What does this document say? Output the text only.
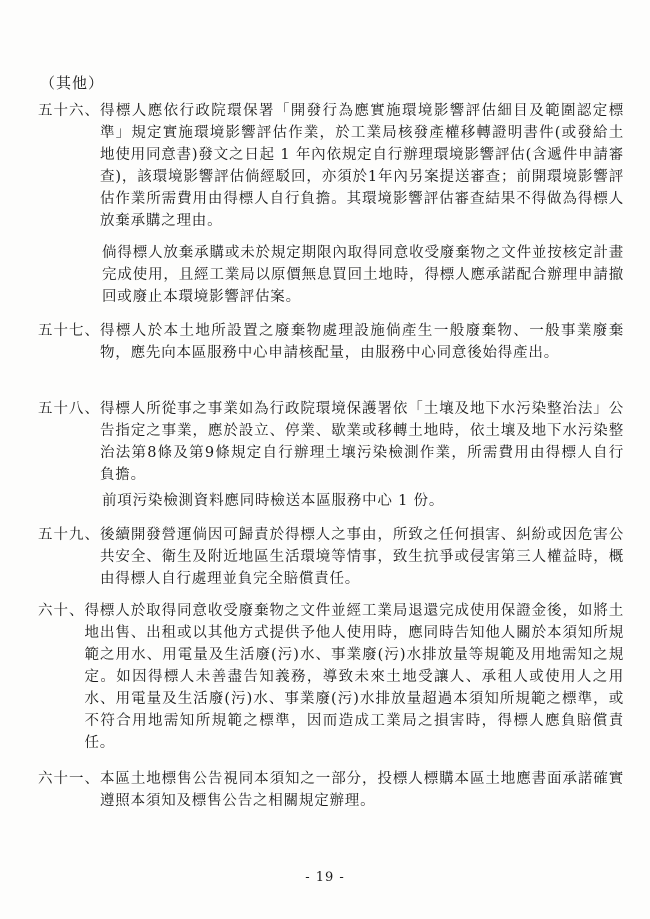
（其他）
五十六、 得標人應依行政院環保署「開發行為應實施環境影響評估細目及範圍認定標準」規定實施環境影響評估作業，於工業局核發產權移轉證明書件(或發給土地使用同意書)發文之日起 1 年內依規定自行辦理環境影響評估(含遞件申請審查)，該環境影響評估倘經駁回，亦須於1年內另案提送審查；前開環境影響評估作業所需費用由得標人自行負擔。其環境影響評估審查結果不得做為得標人放棄承購之理由。
倘得標人放棄承購或未於規定期限內取得同意收受廢棄物之文件並按核定計畫完成使用，且經工業局以原價無息買回土地時，得標人應承諾配合辦理申請撤回或廢止本環境影響評估案。
五十七、 得標人於本土地所設置之廢棄物處理設施倘產生一般廢棄物、一般事業廢棄物，應先向本區服務中心申請核配量，由服務中心同意後始得產出。
五十八、 得標人所從事之事業如為行政院環境保護署依「土壤及地下水污染整治法」公告指定之事業，應於設立、停業、歇業或移轉土地時，依土壤及地下水污染整治法第8條及第9條規定自行辦理土壤污染檢測作業，所需費用由得標人自行負擔。
前項污染檢測資料應同時檢送本區服務中心 1 份。
五十九、 後續開發營運倘因可歸責於得標人之事由，所致之任何損害、糾紛或因危害公共安全、衛生及附近地區生活環境等情事，致生抗爭或侵害第三人權益時，概由得標人自行處理並負完全賠償責任。
六十、 得標人於取得同意收受廢棄物之文件並經工業局退還完成使用保證金後，如將土地出售、出租或以其他方式提供予他人使用時，應同時告知他人關於本須知所規範之用水、用電量及生活廢(污)水、事業廢(污)水排放量等規範及用地需知之規定。如因得標人未善盡告知義務，導致未來土地受讓人、承租人或使用人之用水、用電量及生活廢(污)水、事業廢(污)水排放量超過本須知所規範之標準，或不符合用地需知所規範之標準，因而造成工業局之損害時，得標人應負賠償責任。
六十一、 本區土地標售公告視同本須知之一部分，投標人標購本區土地應書面承諾確實遵照本須知及標售公告之相關規定辦理。
- 19 -
